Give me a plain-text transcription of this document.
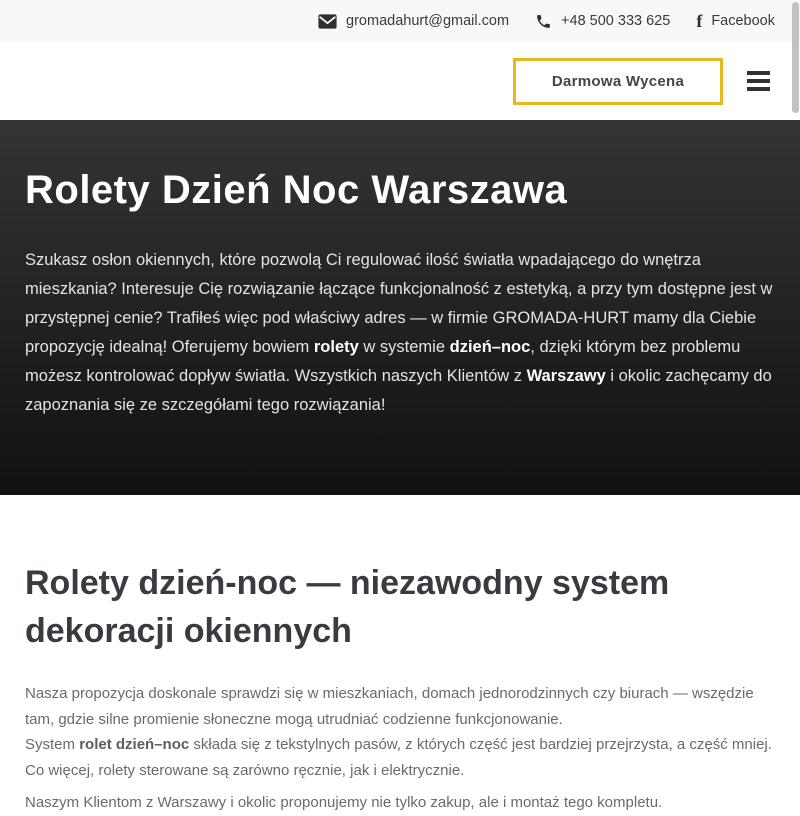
gromadahurt@gmail.com	+48 500 333 625 f Facebook
Darmowa Wycena
Rolety Dzień Noc Warszawa

Szukasz osłon okiennych, które pozwolą Ci regulować ilość światła wpadającego do wnętrza mieszkania? Interesuje Cię rozwiązanie łączące funkcjonalność z estetyką, a przy tym dostępne jest w przystępnej cenie? Trafiłeś więc pod właściwy adres — w firmie GROMADA-HURT mamy dla Ciebie propozycję idealną! Oferujemy bowiem rolety w systemie dzień–noc, dzięki którym bez problemu możesz kontrolować dopływ światła. Wszystkich naszych Klientów z Warszawy i okolic zachęcamy do zapoznania się ze szczegółami tego rozwiązania!

Rolety dzień-noc — niezawodny system dekoracji okiennych

Nasza propozycja doskonale sprawdzi się w mieszkaniach, domach jednorodzinnych czy biurach — wszędzie tam, gdzie silne promienie słoneczne mogą utrudniać codzienne funkcjonowanie.

System rolet dzień–noc składa się z tekstylnych pasów, z których część jest bardziej przejrzysta, a część mniej. Co więcej, rolety sterowane są zarówno ręcznie, jak i elektrycznie.

Naszym Klientom z Warszawy i okolic proponujemy nie tylko zakup, ale i montaż tego kompletu.
